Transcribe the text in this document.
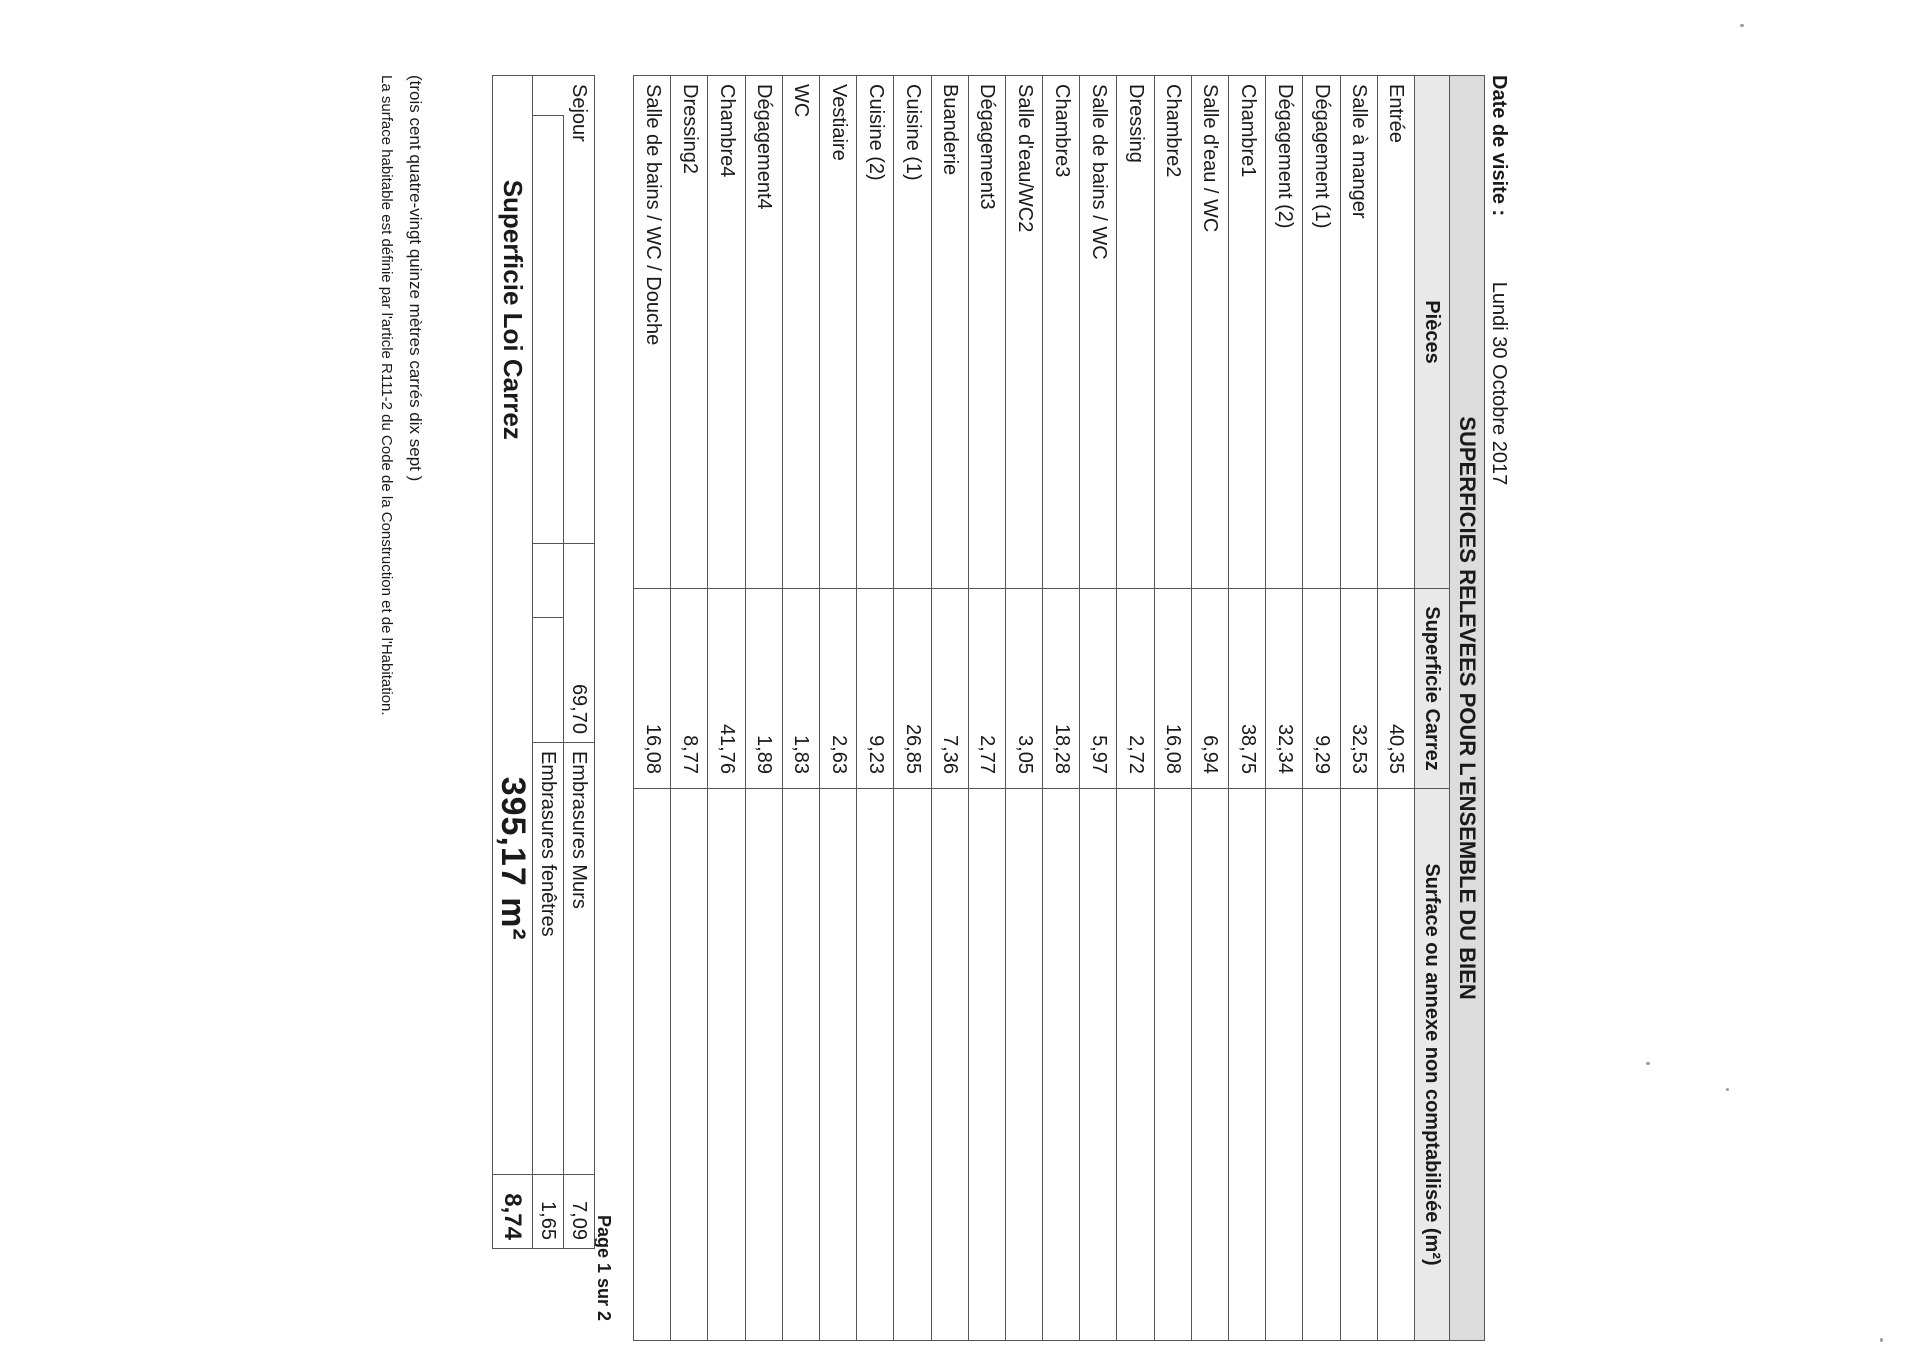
Date de visite : Lundi 30 Octobre 2017
SUPERFICIES RELEVEES POUR L'ENSEMBLE DU BIEN		
Pièces	Superficie Carrez	Surface ou annexe non comptabilisée (m²)
Entrée	40,35	
Salle à manger	32,53	
Dégagement (1)	9,29	
Dégagement (2)	32,34	
Chambre1	38,75	
Salle d'eau / WC	6,94	
Chambre2	16,08	
Dressing	2,72	
Salle de bains / WC	5,97	
Chambre3	18,28	
Salle d'eau/WC2	3,05	
Dégagement3	2,77	
Buanderie	7,36	
Cuisine (1)	26,85	
Cuisine (2)	9,23	
Vestiaire	2,63	
WC	1,83	
Dégagement4	1,89	
Chambre4	41,76	
Dressing2	8,77	
Salle de bains / WC / Douche	16,08	
Page 1 sur 2
Sejour		69,70		Embrasures Murs	7,09
				Embrasures fenêtres	1,65
Superficie Loi Carrez		395,17 m²			8,74
(trois cent quatre-vingt quinze mètres carrés dix sept )
La surface habitable est définie par l'article R111-2 du Code de la Construction et de l'Habitation.
